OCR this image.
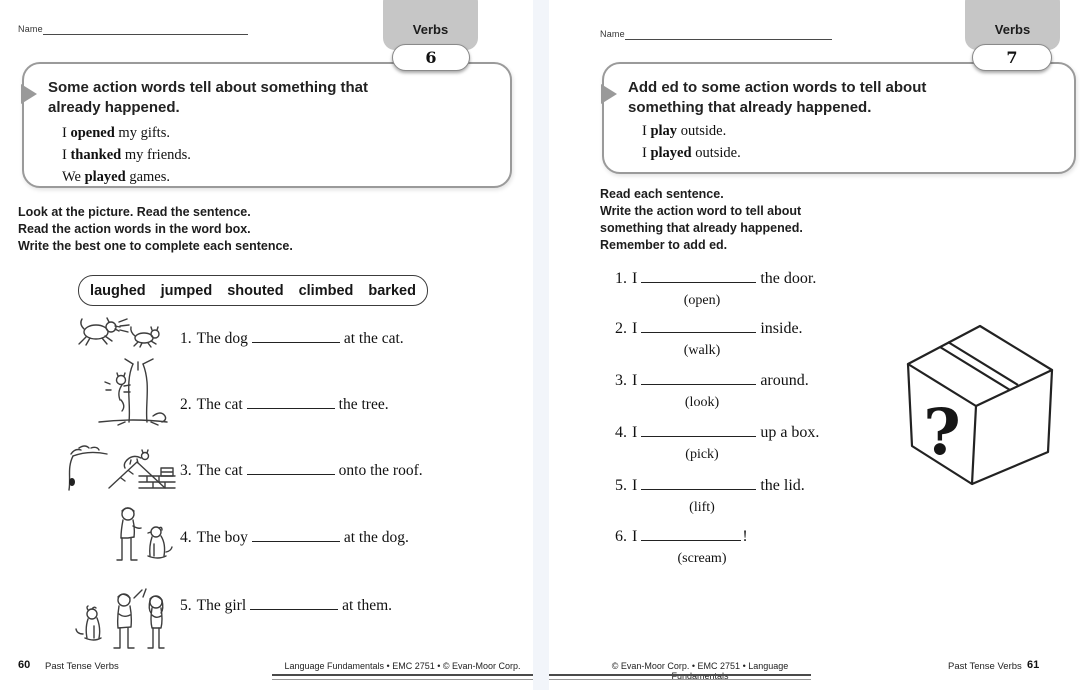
Name	Verbs
6
Some action words tell about something that already happened.
I opened my gifts.
I thanked my friends.
We played games.
Look at the picture. Read the sentence.
Read the action words in the word box.
Write the best one to complete each sentence.
laughed jumped shouted climbed barked
1. The dog	at the cat.
2. The cat	the tree.
3. The cat	onto the roof.
4. The boy	at the dog.
5. The girl	at them.
60 Past Tense Verbs	Language Fundamentals • EMC 2751 • © Evan-Moor Corp.
Name	Verbs
7
Add ed to some action words to tell about something that already happened.
I play outside.
I played outside.
Read each sentence.
Write the action word to tell about
something that already happened.
Remember to add ed.
1. I	the door.
(open)
2. I	inside.
(walk)
3. I	around.
(look)
4. I	up a box.
(pick)
5. I	the lid.
(lift)
6. I	!
(scream)
?
© Evan-Moor Corp. • EMC 2751 • Language Fundamentals
Past Tense Verbs 61
